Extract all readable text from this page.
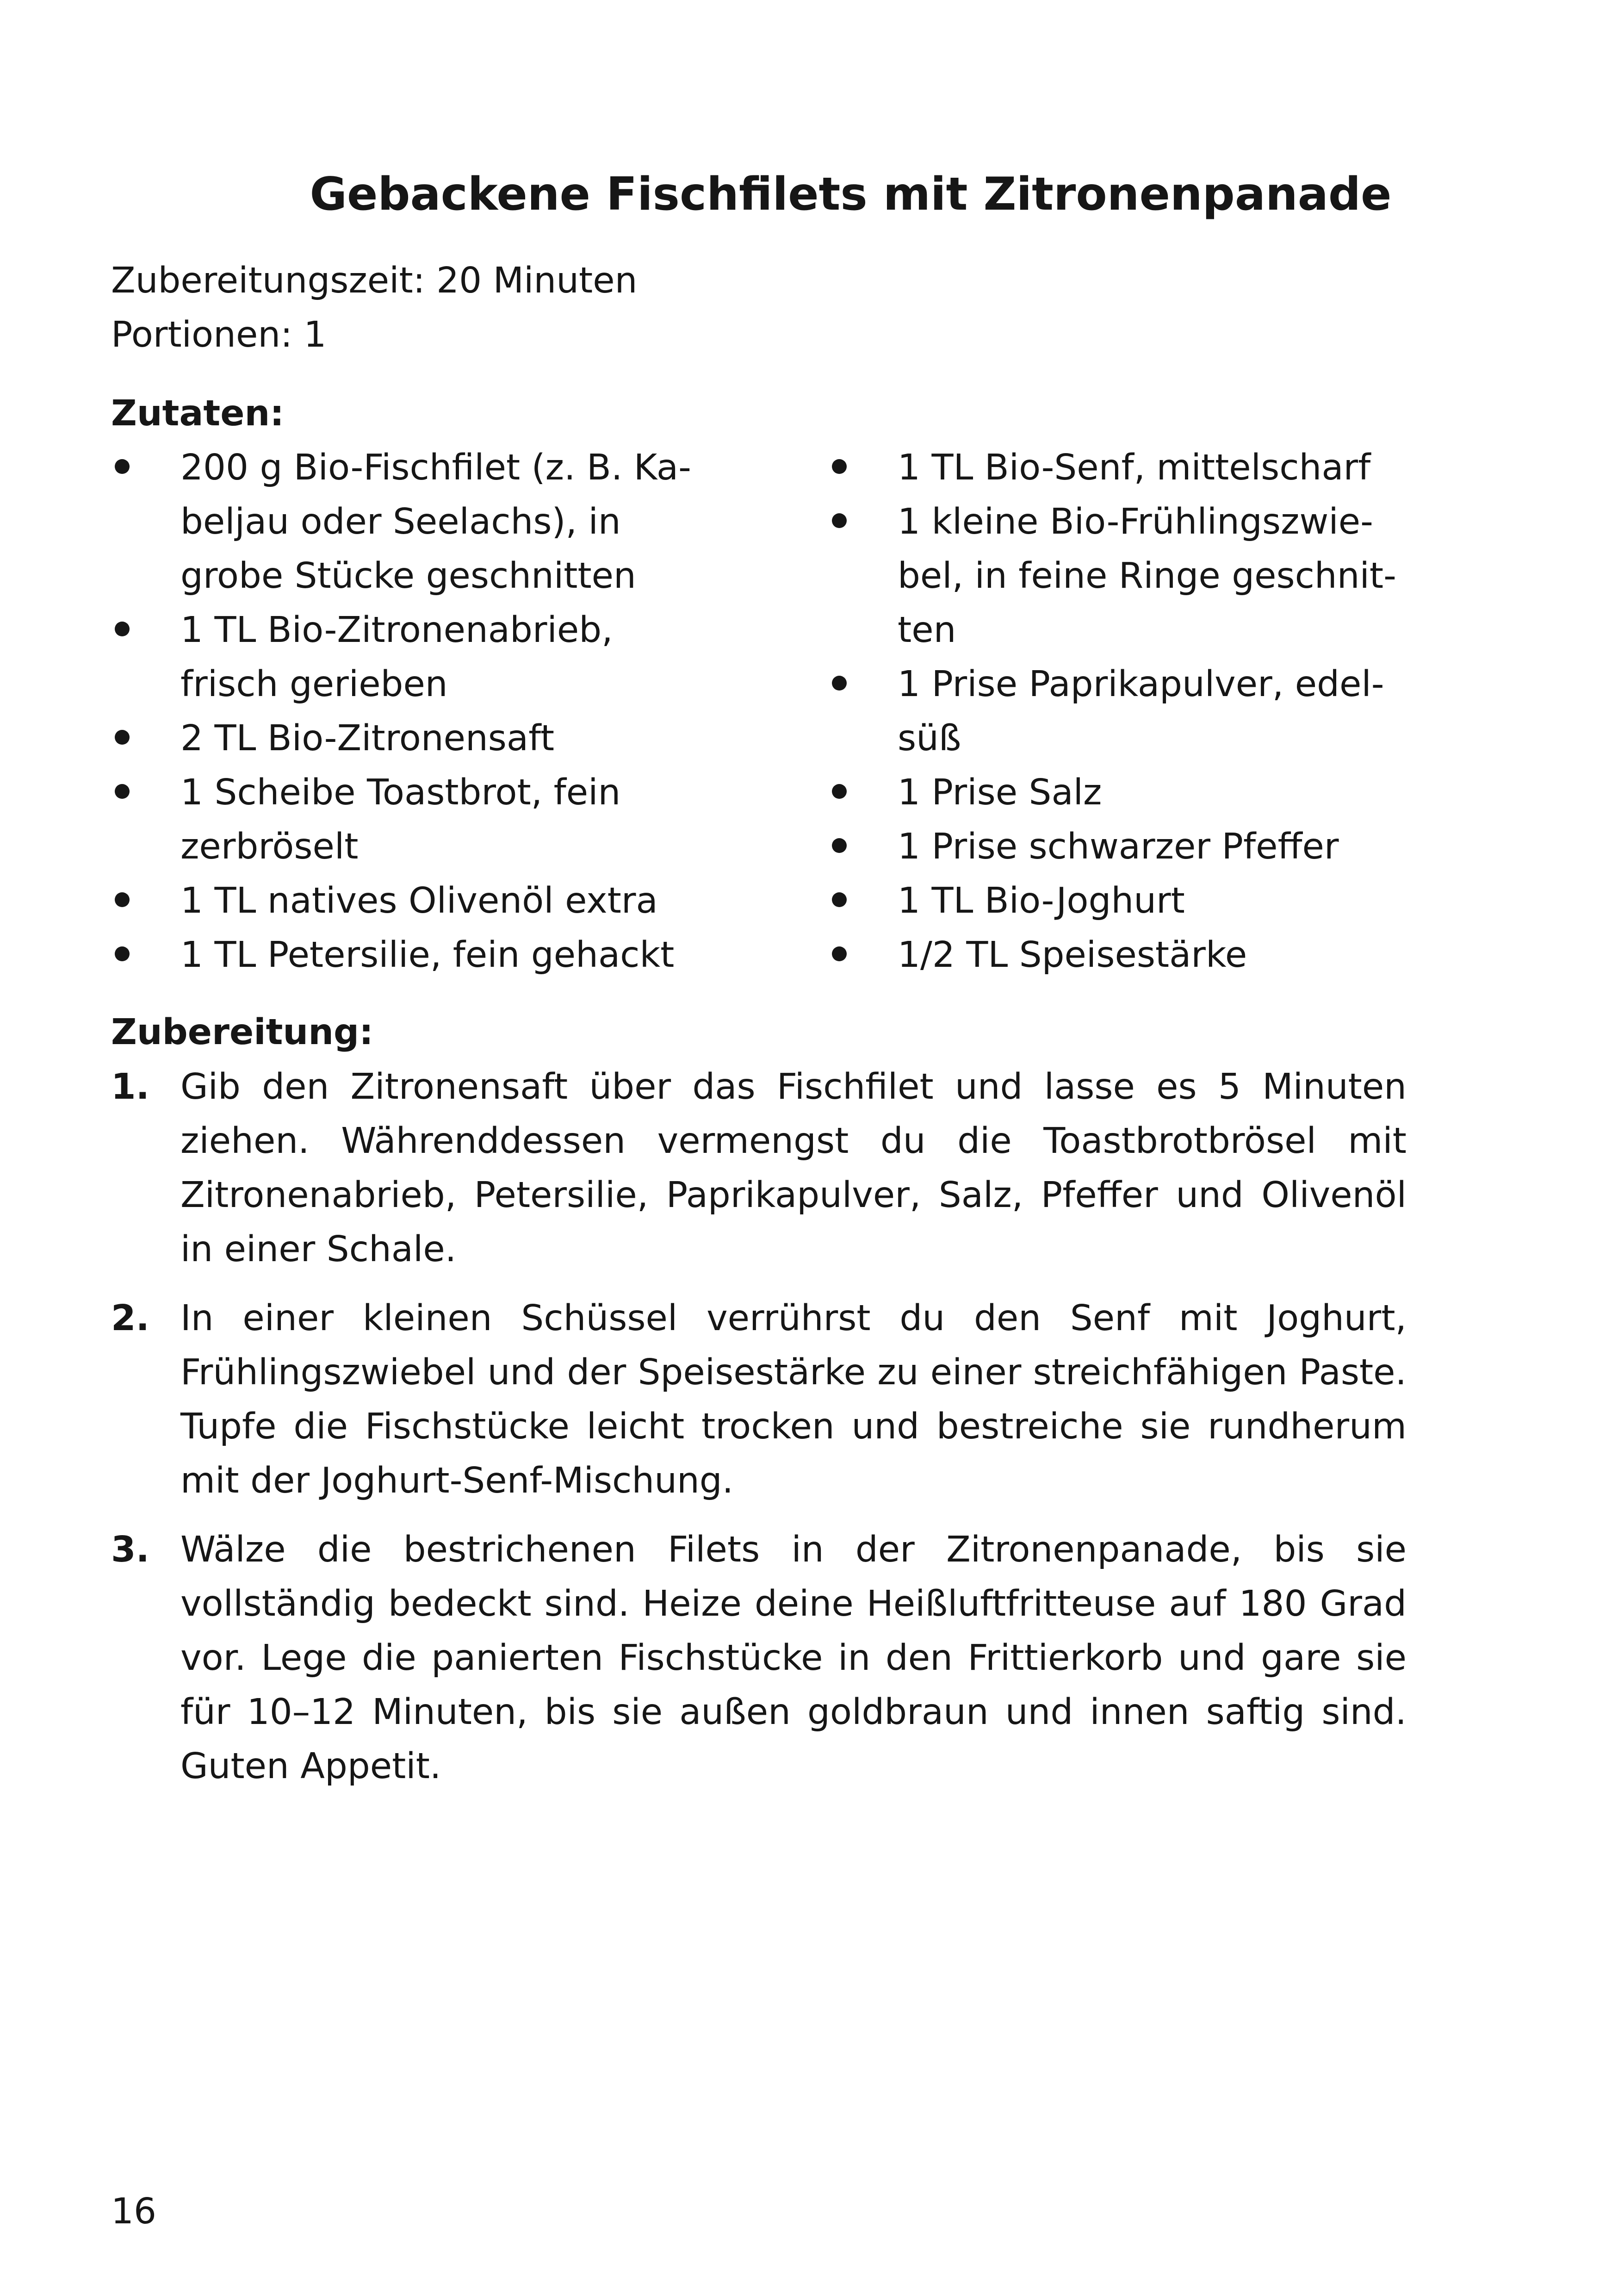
Gebackene Fischfilets mit Zitronenpanade
Zubereitungszeit: 20 Minuten
Portionen: 1
Zutaten:
200 g Bio-Fischfilet (z. B. Ka-
beljau oder Seelachs), in
grobe Stücke geschnitten
1 TL Bio-Zitronenabrieb,
frisch gerieben
2 TL Bio-Zitronensaft
1 Scheibe Toastbrot, fein
zerbröselt
1 TL natives Olivenöl extra
1 TL Petersilie, fein gehackt
1 TL Bio-Senf, mittelscharf
1 kleine Bio-Frühlingszwie-
bel, in feine Ringe geschnit-
ten
1 Prise Paprikapulver, edel-
süß
1 Prise Salz
1 Prise schwarzer Pfeffer
1 TL Bio-Joghurt
1/2 TL Speisestärke
Zubereitung:
1. Gib den Zitronensaft über das Fischfilet und lasse es 5 Minuten ziehen. Währenddessen vermengst du die Toastbrotbrösel mit Zitronenabrieb, Petersilie, Paprikapulver, Salz, Pfeffer und Olivenöl in einer Schale.
2. In einer kleinen Schüssel verrührst du den Senf mit Joghurt, Frühlingszwiebel und der Speisestärke zu einer streichfähigen Paste. Tupfe die Fischstücke leicht trocken und bestreiche sie rundherum mit der Joghurt-Senf-Mischung.
3. Wälze die bestrichenen Filets in der Zitronenpanade, bis sie vollständig bedeckt sind. Heize deine Heißluftfritteuse auf 180 Grad vor. Lege die panierten Fischstücke in den Frittierkorb und gare sie für 10–12 Minuten, bis sie außen goldbraun und innen saftig sind. Guten Appetit.
16
